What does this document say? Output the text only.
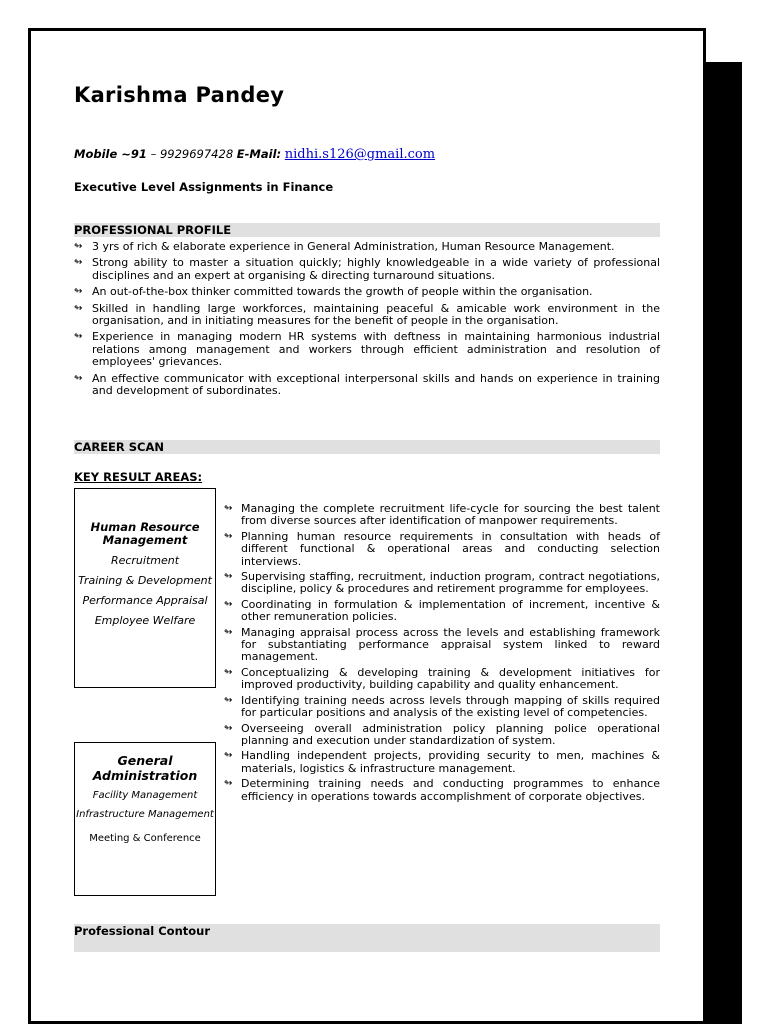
Karishma Pandey
Mobile ~91 – 9929697428 E-Mail: nidhi.s126@gmail.com
Executive Level Assignments in Finance
PROFESSIONAL PROFILE
↬ 3 yrs of rich & elaborate experience in General Administration, Human Resource Management.
↬ Strong ability to master a situation quickly; highly knowledgeable in a wide variety of professional disciplines and an expert at organising & directing turnaround situations.
↬ An out-of-the-box thinker committed towards the growth of people within the organisation.
↬ Skilled in handling large workforces, maintaining peaceful & amicable work environment in the organisation, and in initiating measures for the benefit of people in the organisation.
↬ Experience in managing modern HR systems with deftness in maintaining harmonious industrial relations among management and workers through efficient administration and resolution of employees' grievances.
↬ An effective communicator with exceptional interpersonal skills and hands on experience in training and development of subordinates.
CAREER SCAN
KEY RESULT AREAS:
Human Resource Management
Recruitment
Training & Development
Performance Appraisal
Employee Welfare
General Administration
Facility Management
Infrastructure Management
Meeting & Conference
↬ Managing the complete recruitment life-cycle for sourcing the best talent from diverse sources after identification of manpower requirements.
↬ Planning human resource requirements in consultation with heads of different functional & operational areas and conducting selection interviews.
↬ Supervising staffing, recruitment, induction program, contract negotiations, discipline, policy & procedures and retirement programme for employees.
↬ Coordinating in formulation & implementation of increment, incentive & other remuneration policies.
↬ Managing appraisal process across the levels and establishing framework for substantiating performance appraisal system linked to reward management.
↬ Conceptualizing & developing training & development initiatives for improved productivity, building capability and quality enhancement.
↬ Identifying training needs across levels through mapping of skills required for particular positions and analysis of the existing level of competencies.
↬ Overseeing overall administration policy planning police operational planning and execution under standardization of system.
↬ Handling independent projects, providing security to men, machines & materials, logistics & infrastructure management.
↬ Determining training needs and conducting programmes to enhance efficiency in operations towards accomplishment of corporate objectives.
Professional Contour
